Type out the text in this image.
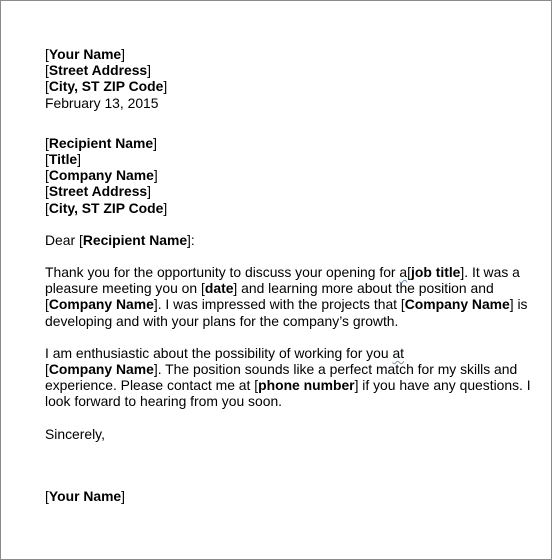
[Your Name]
[Street Address]
[City, ST ZIP Code]
February 13, 2015
[Recipient Name]
[Title]
[Company Name]
[Street Address]
[City, ST ZIP Code]
Dear [Recipient Name]:

Thank you for the opportunity to discuss your opening for a[job title]. It was a pleasure meeting you on [date] and learning more about the position and [Company Name]. I was impressed with the projects that [Company Name] is developing and with your plans for the company’s growth.

I am enthusiastic about the possibility of working for you at
[Company Name]. The position sounds like a perfect match for my skills and experience. Please contact me at [phone number] if you have any questions. I look forward to hearing from you soon.

Sincerely,
[Your Name]
